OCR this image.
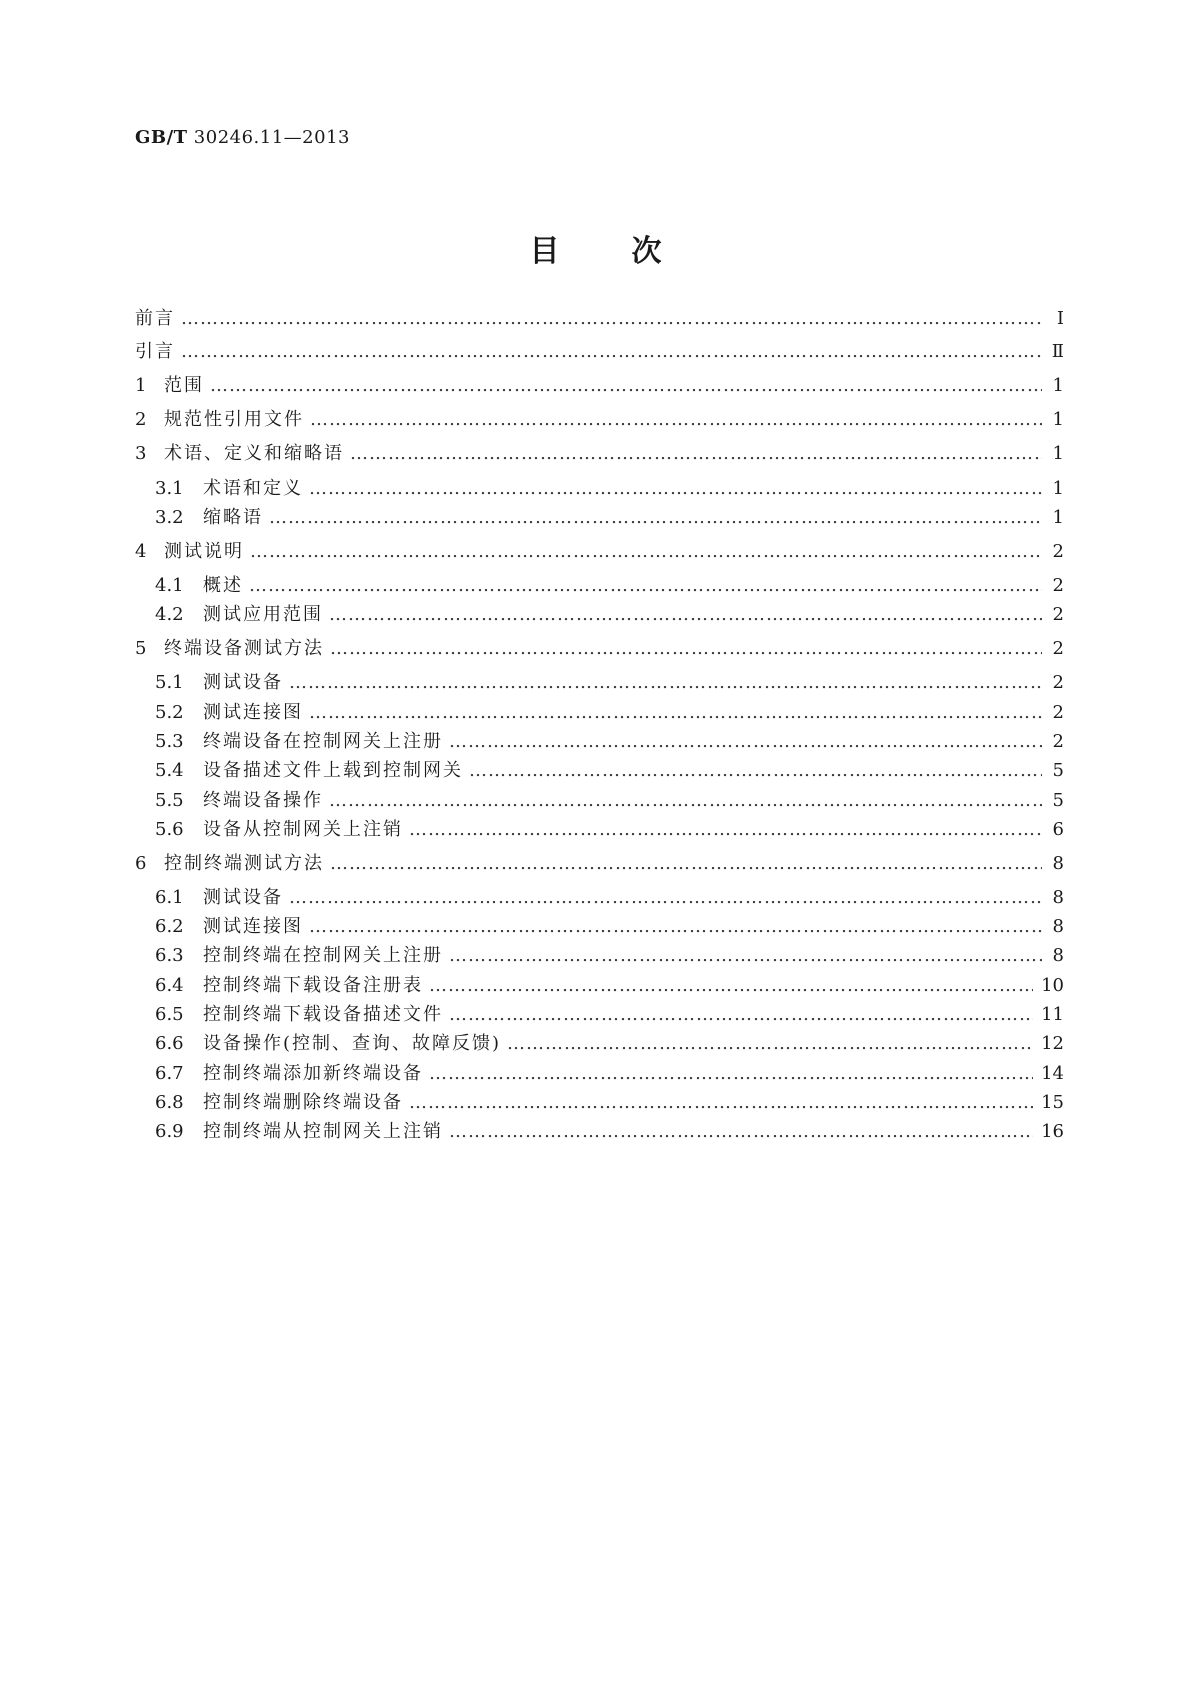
GB/T 30246.11—2013
目次
前言 …………………………………………………………………………………………………………………………………………………………………………………	Ⅰ
引言 …………………………………………………………………………………………………………………………………………………………………………………	Ⅱ
1 范围 …………………………………………………………………………………………………………………………………………………………………………………	1
2 规范性引用文件 …………………………………………………………………………………………………………………………………………………………………………………	1
3 术语、定义和缩略语 …………………………………………………………………………………………………………………………………………………………………………………	1
3.1	术语和定义 …………………………………………………………………………………………………………………………………………………………………………………	1
3.2	缩略语 …………………………………………………………………………………………………………………………………………………………………………………	1
4 测试说明 …………………………………………………………………………………………………………………………………………………………………………………	2
4.1	概述 …………………………………………………………………………………………………………………………………………………………………………………	2
4.2	测试应用范围 …………………………………………………………………………………………………………………………………………………………………………………	2
5 终端设备测试方法 …………………………………………………………………………………………………………………………………………………………………………………	2
5.1	测试设备 …………………………………………………………………………………………………………………………………………………………………………………	2
5.2	测试连接图 …………………………………………………………………………………………………………………………………………………………………………………	2
5.3	终端设备在控制网关上注册 …………………………………………………………………………………………………………………………………………………………………………………	2
5.4	设备描述文件上载到控制网关 …………………………………………………………………………………………………………………………………………………………………………………	5
5.5	终端设备操作 …………………………………………………………………………………………………………………………………………………………………………………	5
5.6	设备从控制网关上注销 …………………………………………………………………………………………………………………………………………………………………………………	6
6 控制终端测试方法 …………………………………………………………………………………………………………………………………………………………………………………	8
6.1	测试设备 …………………………………………………………………………………………………………………………………………………………………………………	8
6.2	测试连接图 …………………………………………………………………………………………………………………………………………………………………………………	8
6.3	控制终端在控制网关上注册 …………………………………………………………………………………………………………………………………………………………………………………	8
6.4	控制终端下载设备注册表 …………………………………………………………………………………………………………………………………………………………………………………	10
6.5	控制终端下载设备描述文件 …………………………………………………………………………………………………………………………………………………………………………………	11
6.6	设备操作(控制、查询、故障反馈) …………………………………………………………………………………………………………………………………………………………………………………	12
6.7	控制终端添加新终端设备 …………………………………………………………………………………………………………………………………………………………………………………	14
6.8	控制终端删除终端设备 …………………………………………………………………………………………………………………………………………………………………………………	15
6.9	控制终端从控制网关上注销 …………………………………………………………………………………………………………………………………………………………………………………	16
